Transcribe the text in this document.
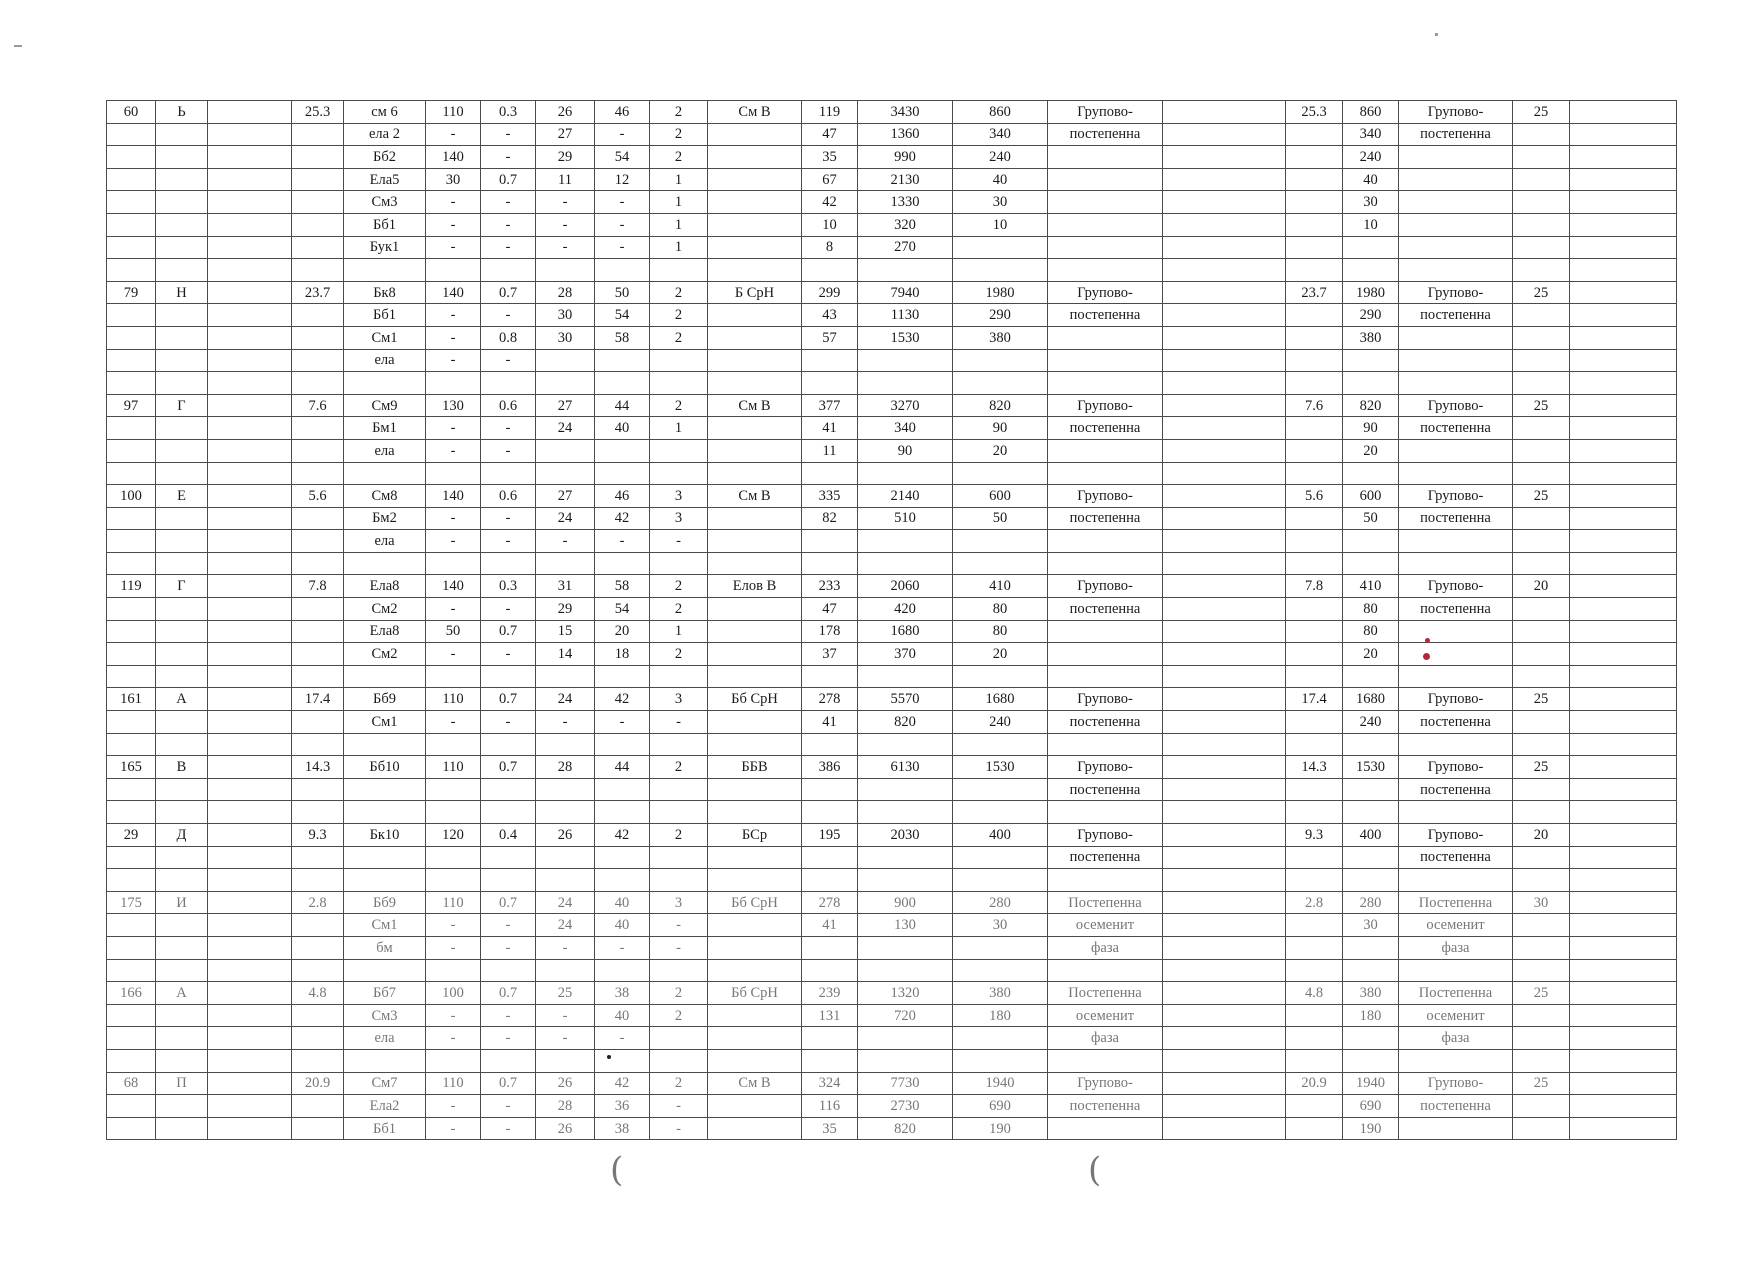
60	Ь		25.3	см 6	110	0.3	26	46	2	См В	119	3430	860	Групово-		25.3	860	Групово-	25	
				ела 2	-	-	27	-	2		47	1360	340	постепенна			340	постепенна		
				Бб2	140	-	29	54	2		35	990	240				240			
				Ела5	30	0.7	11	12	1		67	2130	40				40			
				См3	-	-	-	-	1		42	1330	30				30			
				Бб1	-	-	-	-	1		10	320	10				10			
				Бук1	-	-	-	-	1		8	270								

79	Н		23.7	Бк8	140	0.7	28	50	2	Б СрН	299	7940	1980	Групово-		23.7	1980	Групово-	25	
				Бб1	-	-	30	54	2		43	1130	290	постепенна			290	постепенна		
				См1	-	0.8	30	58	2		57	1530	380				380			
				ела	-	-														

97	Г		7.6	См9	130	0.6	27	44	2	См В	377	3270	820	Групово-		7.6	820	Групово-	25	
				Бм1	-	-	24	40	1		41	340	90	постепенна			90	постепенна		
				ела	-	-					11	90	20				20			

100	Е		5.6	См8	140	0.6	27	46	3	См В	335	2140	600	Групово-		5.6	600	Групово-	25	
				Бм2	-	-	24	42	3		82	510	50	постепенна			50	постепенна		
				ела	-	-	-	-	-											

119	Г		7.8	Ела8	140	0.3	31	58	2	Елов В	233	2060	410	Групово-		7.8	410	Групово-	20	
				См2	-	-	29	54	2		47	420	80	постепенна			80	постепенна		
				Ела8	50	0.7	15	20	1		178	1680	80				80			
				См2	-	-	14	18	2		37	370	20				20			

161	А		17.4	Бб9	110	0.7	24	42	3	Бб СрН	278	5570	1680	Групово-		17.4	1680	Групово-	25	
				См1	-	-	-	-	-		41	820	240	постепенна			240	постепенна		

165	В		14.3	Бб10	110	0.7	28	44	2	ББВ	386	6130	1530	Групово-		14.3	1530	Групово-	25	
														постепенна				постепенна		

29	Д		9.3	Бк10	120	0.4	26	42	2	БСр	195	2030	400	Групово-		9.3	400	Групово-	20	
														постепенна				постепенна		

175	И		2.8	Бб9	110	0.7	24	40	3	Бб СрН	278	900	280	Постепенна		2.8	280	Постепенна	30	
				См1	-	-	24	40	-		41	130	30	осеменит			30	осеменит		
				бм	-	-	-	-	-					фаза				фаза		

166	А		4.8	Бб7	100	0.7	25	38	2	Бб СрН	239	1320	380	Постепенна		4.8	380	Постепенна	25	
				См3	-	-	-	40	2		131	720	180	осеменит			180	осеменит		
				ела	-	-	-	-						фаза				фаза		

68	П		20.9	См7	110	0.7	26	42	2	См В	324	7730	1940	Групово-		20.9	1940	Групово-	25	
				Ела2	-	-	28	36	-		116	2730	690	постепенна			690	постепенна		
				Бб1	-	-	26	38	-		35	820	190				190			
(	(
